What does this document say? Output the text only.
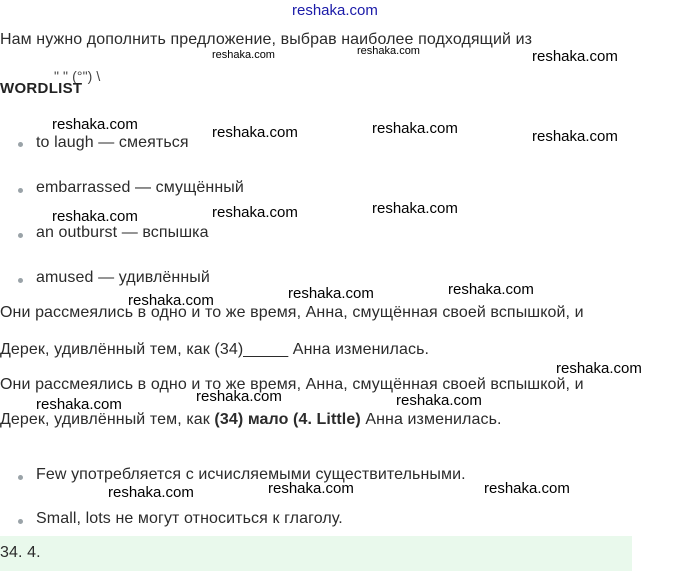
reshaka.com
Нам нужно дополнить предложение, выбрав наиболее подходящий из
" " (°") \
reshaka.com	reshaka.com	reshaka.com
WORDLIST
reshaka.com	reshaka.com	reshaka.com	reshaka.com
to laugh — смеяться
embarrassed — смущённый
an outburst — вспышка
amused — удивлённый
reshaka.com	reshaka.com	reshaka.com
reshaka.com	reshaka.com	reshaka.com
Они рассмеялись в одно и то же время, Анна, смущённая своей вспышкой, и
Дерек, удивлённый тем, как (34)_____ Анна изменилась.
reshaka.com
Они рассмеялись в одно и то же время, Анна, смущённая своей вспышкой, и
Дерек, удивлённый тем, как (34) мало (4. Little) Анна изменилась.
reshaka.com	reshaka.com	reshaka.com
Few употребляется с исчисляемыми существительными.
Small, lots не могут относиться к глаголу.
reshaka.com	reshaka.com	reshaka.com
34. 4.
